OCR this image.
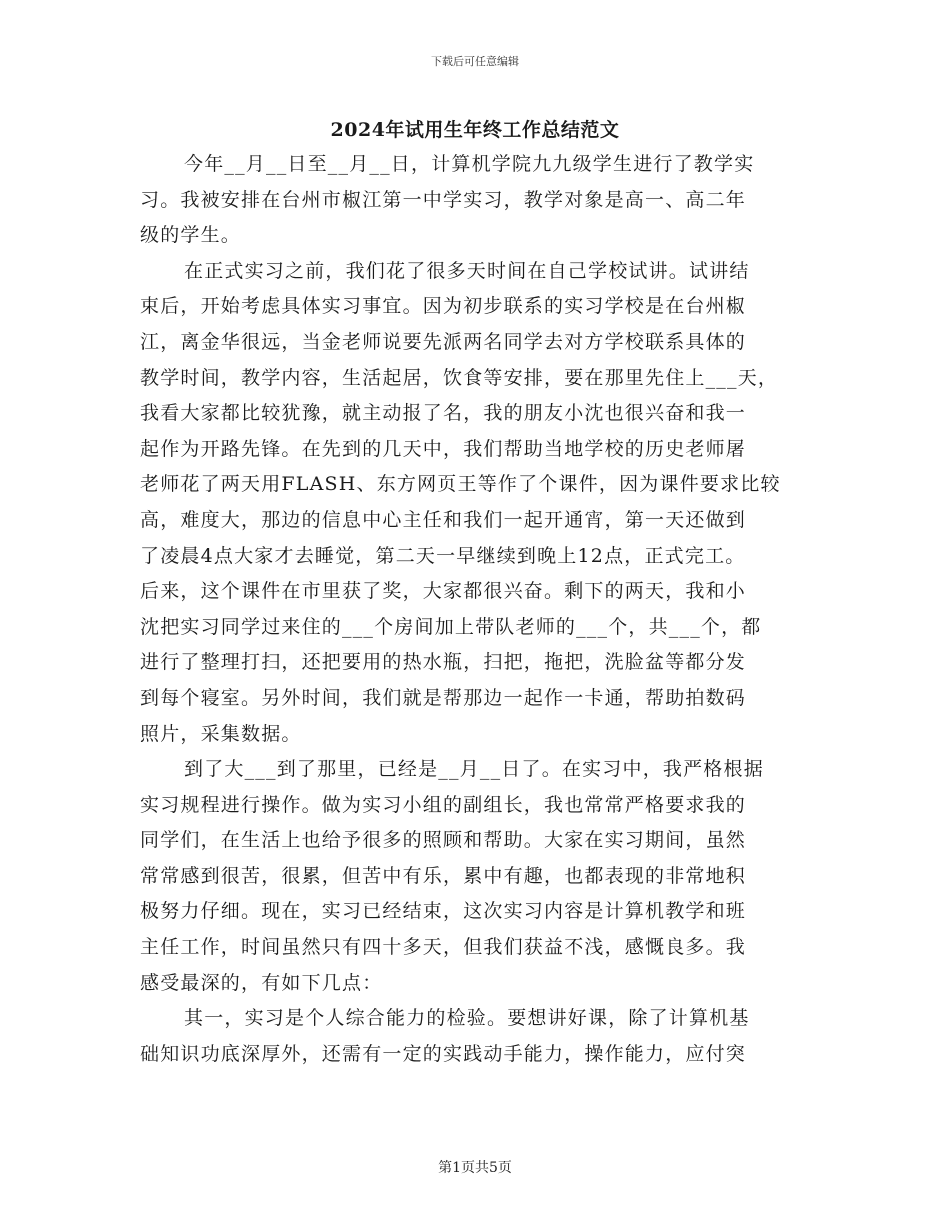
下载后可任意编辑
2024年试用生年终工作总结范文
今年__月__日至__月__日，计算机学院九九级学生进行了教学实
习。我被安排在台州市椒江第一中学实习，教学对象是高一、高二年
级的学生。
在正式实习之前，我们花了很多天时间在自己学校试讲。试讲结
束后，开始考虑具体实习事宜。因为初步联系的实习学校是在台州椒
江，离金华很远，当金老师说要先派两名同学去对方学校联系具体的
教学时间，教学内容，生活起居，饮食等安排，要在那里先住上___天，
我看大家都比较犹豫，就主动报了名，我的朋友小沈也很兴奋和我一
起作为开路先锋。在先到的几天中，我们帮助当地学校的历史老师屠
老师花了两天用FLASH、东方网页王等作了个课件，因为课件要求比较
高，难度大，那边的信息中心主任和我们一起开通宵，第一天还做到
了凌晨4点大家才去睡觉，第二天一早继续到晚上12点，正式完工。
后来，这个课件在市里获了奖，大家都很兴奋。剩下的两天，我和小
沈把实习同学过来住的___个房间加上带队老师的___个，共___个，都
进行了整理打扫，还把要用的热水瓶，扫把，拖把，洗脸盆等都分发
到每个寝室。另外时间，我们就是帮那边一起作一卡通，帮助拍数码
照片，采集数据。
到了大___到了那里，已经是__月__日了。在实习中，我严格根据
实习规程进行操作。做为实习小组的副组长，我也常常严格要求我的
同学们，在生活上也给予很多的照顾和帮助。大家在实习期间，虽然
常常感到很苦，很累，但苦中有乐，累中有趣，也都表现的非常地积
极努力仔细。现在，实习已经结束，这次实习内容是计算机教学和班
主任工作，时间虽然只有四十多天，但我们获益不浅，感慨良多。我
感受最深的，有如下几点：
其一，实习是个人综合能力的检验。要想讲好课，除了计算机基
础知识功底深厚外，还需有一定的实践动手能力，操作能力，应付突
第1页共5页
